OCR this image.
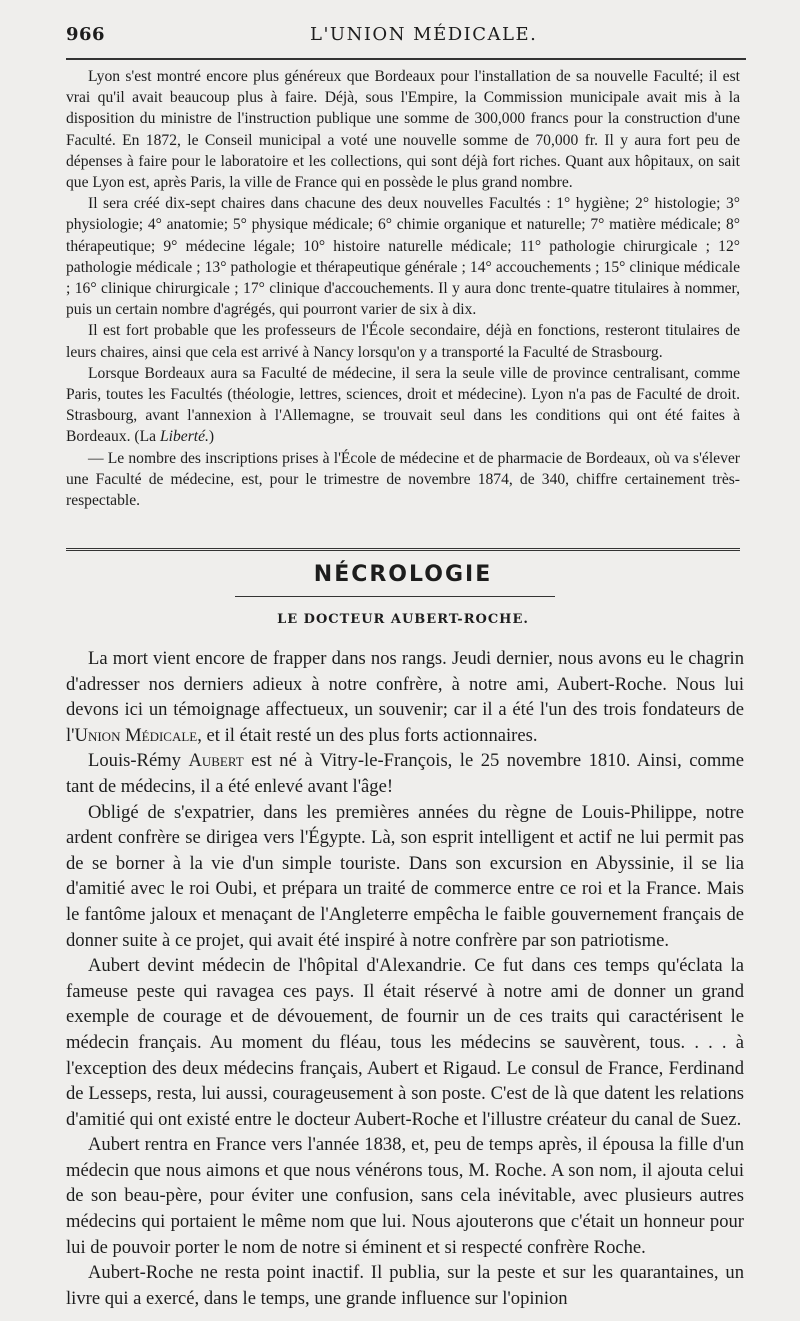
966	L'UNION MÉDICALE.

Lyon s'est montré encore plus généreux que Bordeaux pour l'installation de sa nouvelle Faculté; il est vrai qu'il avait beaucoup plus à faire. Déjà, sous l'Empire, la Commission municipale avait mis à la disposition du ministre de l'instruction publique une somme de 300,000 francs pour la construction d'une Faculté. En 1872, le Conseil municipal a voté une nouvelle somme de 70,000 fr. Il y aura fort peu de dépenses à faire pour le laboratoire et les collections, qui sont déjà fort riches. Quant aux hôpitaux, on sait que Lyon est, après Paris, la ville de France qui en possède le plus grand nombre.

Il sera créé dix-sept chaires dans chacune des deux nouvelles Facultés : 1° hygiène; 2° histologie; 3° physiologie; 4° anatomie; 5° physique médicale; 6° chimie organique et naturelle; 7° matière médicale; 8° thérapeutique; 9° médecine légale; 10° histoire naturelle médicale; 11° pathologie chirurgicale ; 12° pathologie médicale ; 13° pathologie et thérapeutique générale ; 14° accouchements ; 15° clinique médicale ; 16° clinique chirurgicale ; 17° clinique d'accouchements. Il y aura donc trente-quatre titulaires à nommer, puis un certain nombre d'agrégés, qui pourront varier de six à dix.

Il est fort probable que les professeurs de l'École secondaire, déjà en fonctions, resteront titulaires de leurs chaires, ainsi que cela est arrivé à Nancy lorsqu'on y a transporté la Faculté de Strasbourg.

Lorsque Bordeaux aura sa Faculté de médecine, il sera la seule ville de province centralisant, comme Paris, toutes les Facultés (théologie, lettres, sciences, droit et médecine). Lyon n'a pas de Faculté de droit. Strasbourg, avant l'annexion à l'Allemagne, se trouvait seul dans les conditions qui ont été faites à Bordeaux. (La Liberté.)

— Le nombre des inscriptions prises à l'École de médecine et de pharmacie de Bordeaux, où va s'élever une Faculté de médecine, est, pour le trimestre de novembre 1874, de 340, chiffre certainement très-respectable.

NÉCROLOGIE
LE DOCTEUR AUBERT-ROCHE.

La mort vient encore de frapper dans nos rangs. Jeudi dernier, nous avons eu le chagrin d'adresser nos derniers adieux à notre confrère, à notre ami, Aubert-Roche. Nous lui devons ici un témoignage affectueux, un souvenir; car il a été l'un des trois fondateurs de l'Union Médicale, et il était resté un des plus forts actionnaires.

Louis-Rémy Aubert est né à Vitry-le-François, le 25 novembre 1810. Ainsi, comme tant de médecins, il a été enlevé avant l'âge!

Obligé de s'expatrier, dans les premières années du règne de Louis-Philippe, notre ardent confrère se dirigea vers l'Égypte. Là, son esprit intelligent et actif ne lui permit pas de se borner à la vie d'un simple touriste. Dans son excursion en Abyssinie, il se lia d'amitié avec le roi Oubi, et prépara un traité de commerce entre ce roi et la France. Mais le fantôme jaloux et menaçant de l'Angleterre empêcha le faible gouvernement français de donner suite à ce projet, qui avait été inspiré à notre confrère par son patriotisme.

Aubert devint médecin de l'hôpital d'Alexandrie. Ce fut dans ces temps qu'éclata la fameuse peste qui ravagea ces pays. Il était réservé à notre ami de donner un grand exemple de courage et de dévouement, de fournir un de ces traits qui caractérisent le médecin français. Au moment du fléau, tous les médecins se sauvèrent, tous. . . . à l'exception des deux médecins français, Aubert et Rigaud. Le consul de France, Ferdinand de Lesseps, resta, lui aussi, courageusement à son poste. C'est de là que datent les relations d'amitié qui ont existé entre le docteur Aubert-Roche et l'illustre créateur du canal de Suez.

Aubert rentra en France vers l'année 1838, et, peu de temps après, il épousa la fille d'un médecin que nous aimons et que nous vénérons tous, M. Roche. A son nom, il ajouta celui de son beau-père, pour éviter une confusion, sans cela inévitable, avec plusieurs autres médecins qui portaient le même nom que lui. Nous ajouterons que c'était un honneur pour lui de pouvoir porter le nom de notre si éminent et si respecté confrère Roche.

Aubert-Roche ne resta point inactif. Il publia, sur la peste et sur les quarantaines, un livre qui a exercé, dans le temps, une grande influence sur l'opinion
